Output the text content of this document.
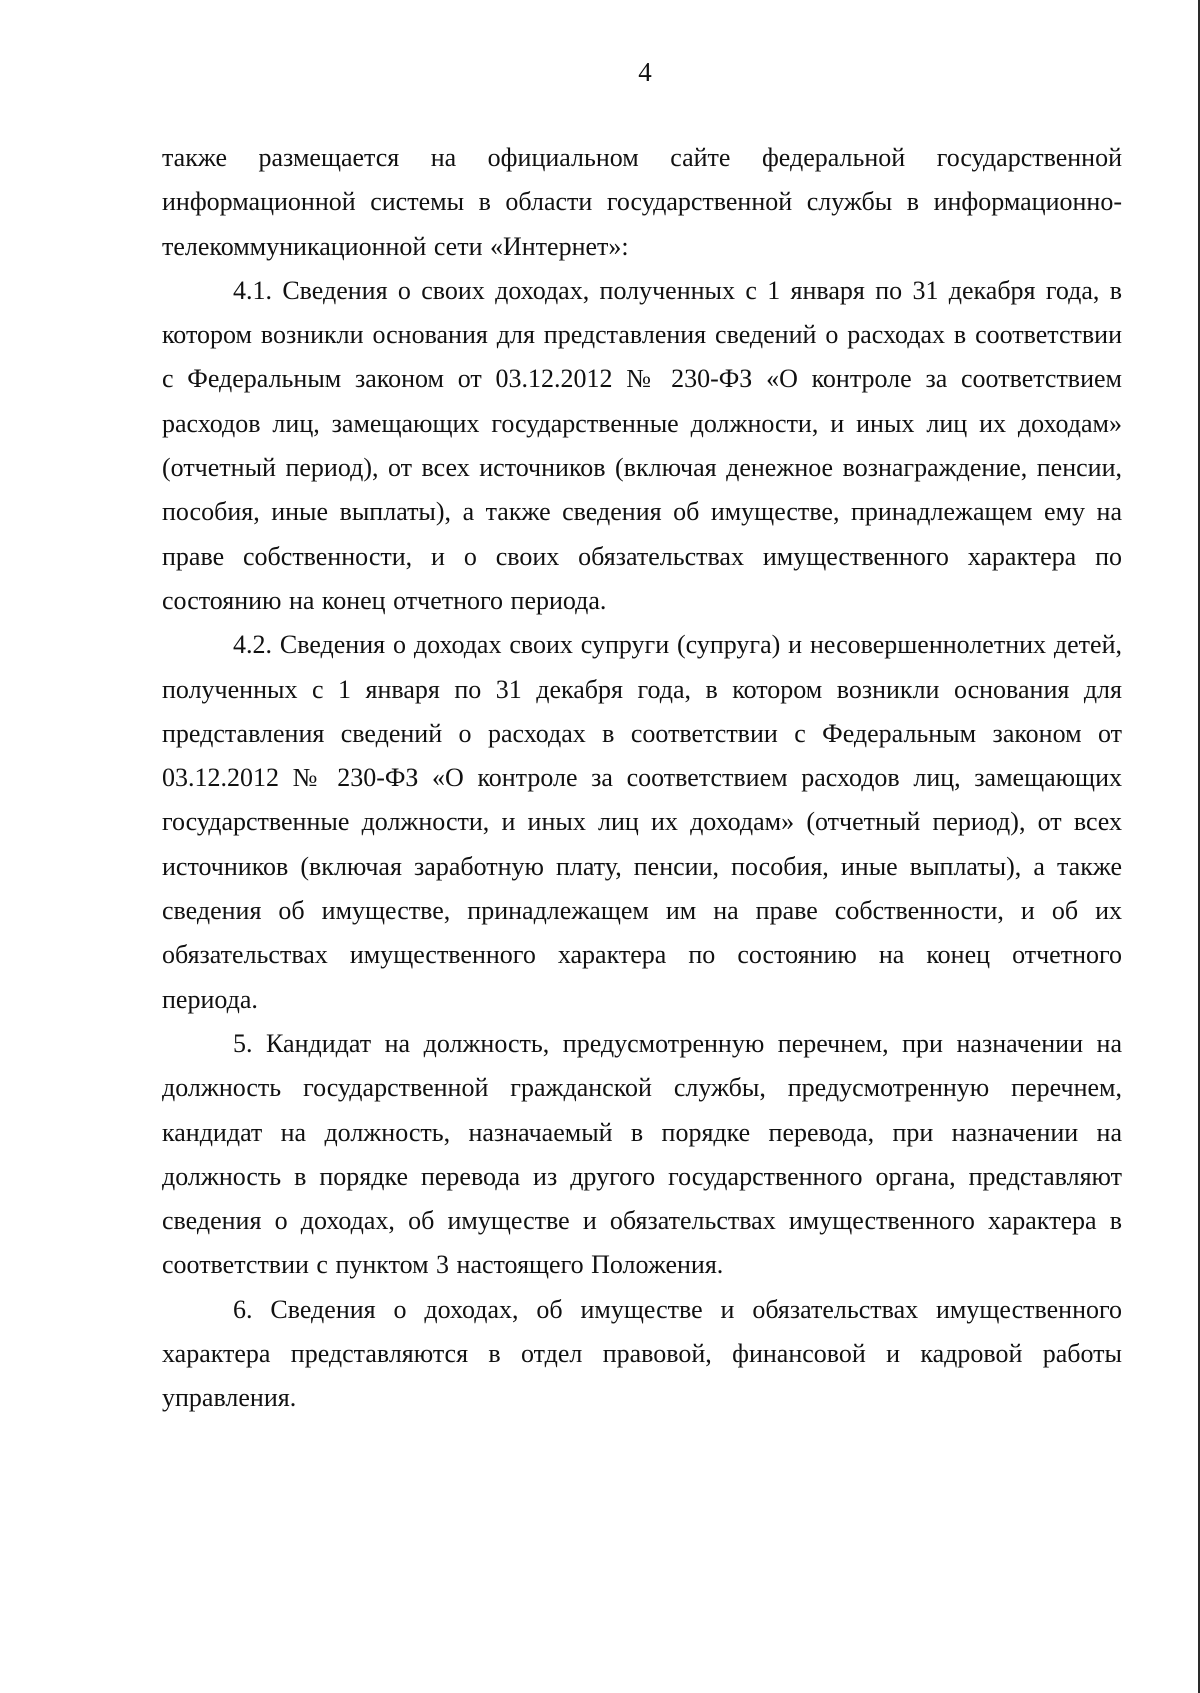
4

также размещается на официальном сайте федеральной государственной информационной системы в области государственной службы в информационно-телекоммуникационной сети «Интернет»:

4.1. Сведения о своих доходах, полученных с 1 января по 31 декабря года, в котором возникли основания для представления сведений о расходах в соответствии с Федеральным законом от 03.12.2012 № 230-ФЗ «О контроле за соответствием расходов лиц, замещающих государственные должности, и иных лиц их доходам» (отчетный период), от всех источников (включая денежное вознаграждение, пенсии, пособия, иные выплаты), а также сведения об имуществе, принадлежащем ему на праве собственности, и о своих обязательствах имущественного характера по состоянию на конец отчетного периода.

4.2. Сведения о доходах своих супруги (супруга) и несовершеннолетних детей, полученных с 1 января по 31 декабря года, в котором возникли основания для представления сведений о расходах в соответствии с Федеральным законом от 03.12.2012 № 230-ФЗ «О контроле за соответствием расходов лиц, замещающих государственные должности, и иных лиц их доходам» (отчетный период), от всех источников (включая заработную плату, пенсии, пособия, иные выплаты), а также сведения об имуществе, принадлежащем им на праве собственности, и об их обязательствах имущественного характера по состоянию на конец отчетного периода.

5. Кандидат на должность, предусмотренную перечнем, при назначении на должность государственной гражданской службы, предусмотренную перечнем, кандидат на должность, назначаемый в порядке перевода, при назначении на должность в порядке перевода из другого государственного органа, представляют сведения о доходах, об имуществе и обязательствах имущественного характера в соответствии с пунктом 3 настоящего Положения.

6. Сведения о доходах, об имуществе и обязательствах имущественного характера представляются в отдел правовой, финансовой и кадровой работы управления.
